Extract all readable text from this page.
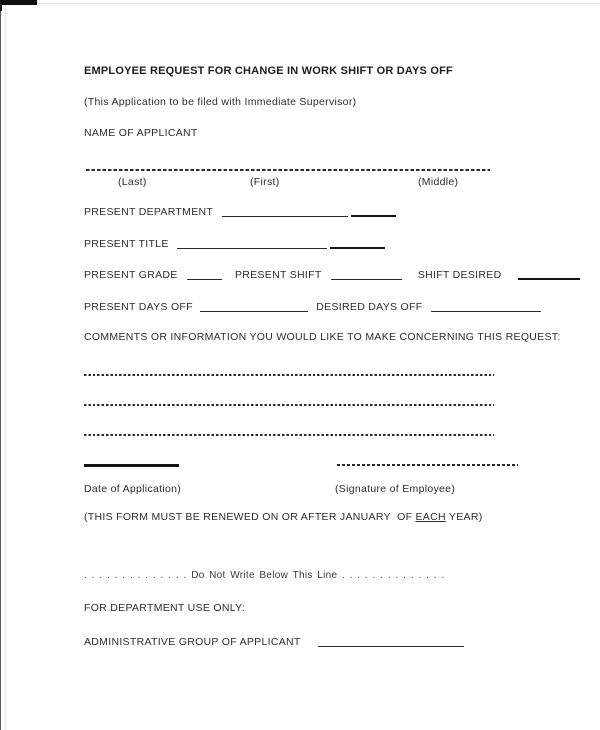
EMPLOYEE REQUEST FOR CHANGE IN WORK SHIFT OR DAYS OFF
(This Application to be filed with Immediate Supervisor)
NAME OF APPLICANT
(Last)	(First)	(Middle)
PRESENT DEPARTMENT
PRESENT TITLE
PRESENT GRADE	PRESENT SHIFT	SHIFT DESIRED
PRESENT DAYS OFF	DESIRED DAYS OFF
COMMENTS OR INFORMATION YOU WOULD LIKE TO MAKE CONCERNING THIS REQUEST:
Date of Application)	(Signature of Employee)
(THIS FORM MUST BE RENEWED ON OR AFTER JANUARY  OF EACH YEAR)
. . . . . . . . . . . . . . Do Not Write Below This Line . . . . . . . . . . . . . .
FOR DEPARTMENT USE ONLY:
ADMINISTRATIVE GROUP OF APPLICANT
